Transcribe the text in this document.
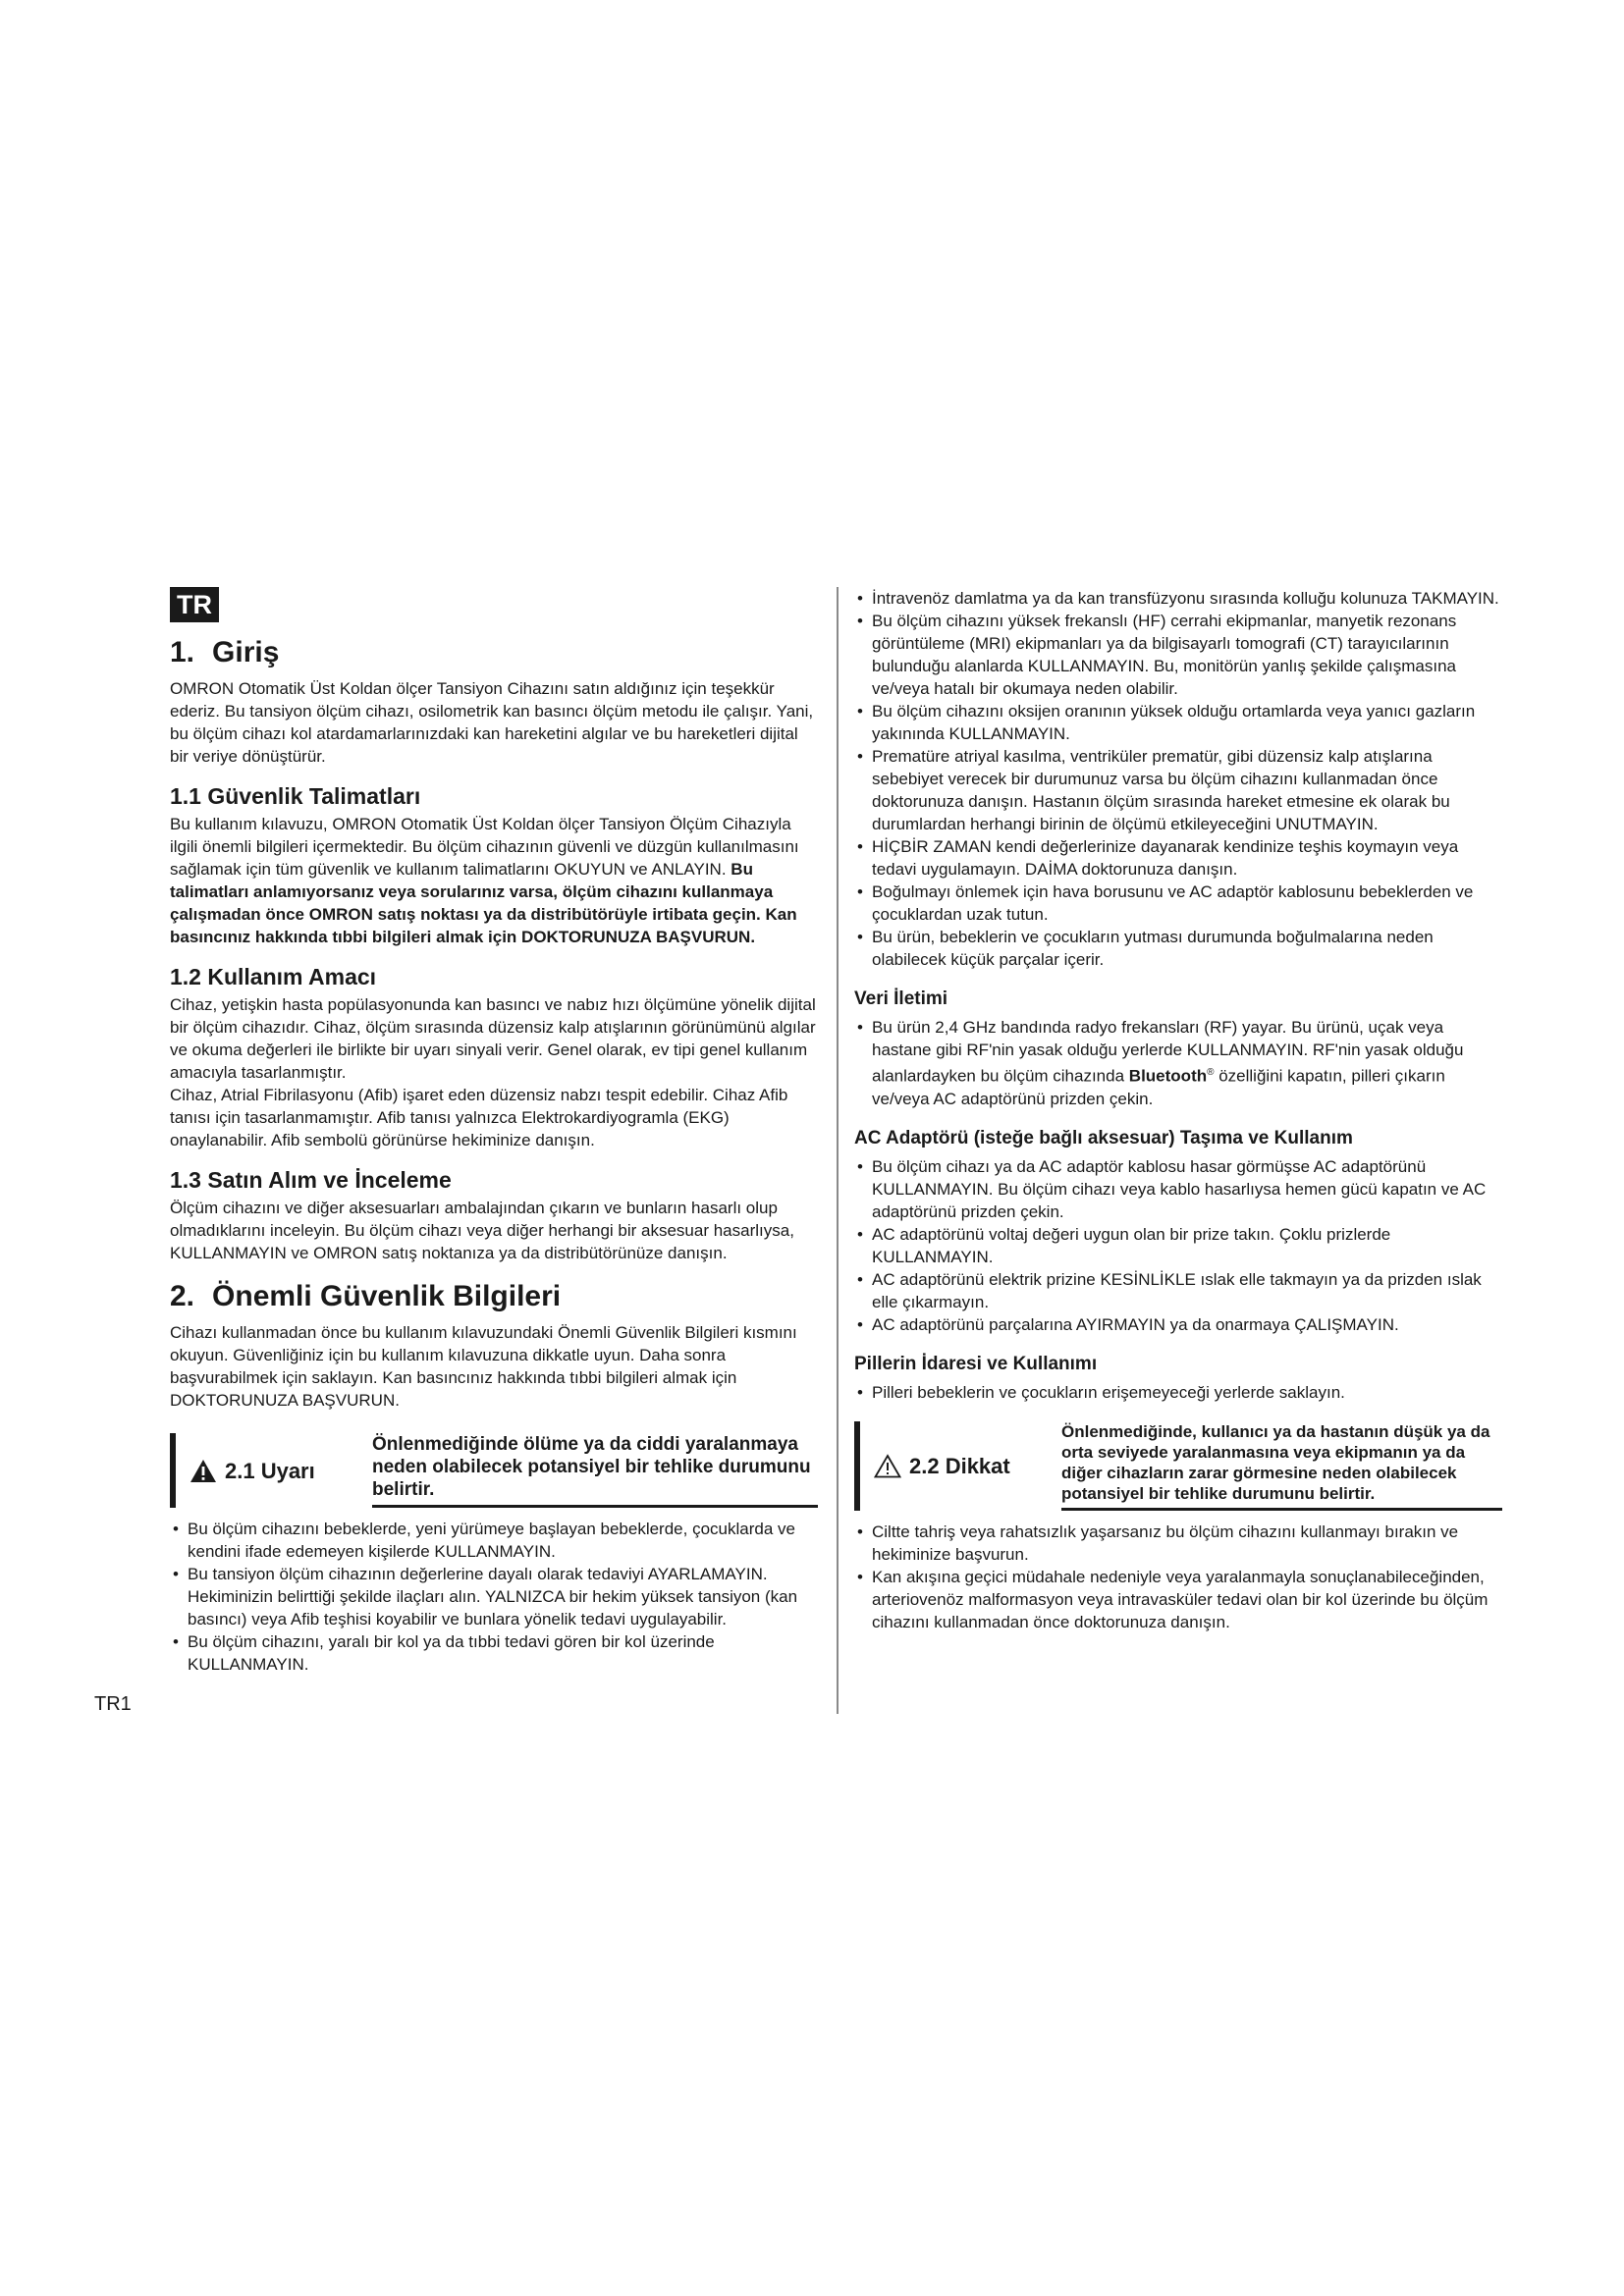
TR
1. Giriş

OMRON Otomatik Üst Koldan ölçer Tansiyon Cihazını satın aldığınız için teşekkür ederiz. Bu tansiyon ölçüm cihazı, osilometrik kan basıncı ölçüm metodu ile çalışır. Yani, bu ölçüm cihazı kol atardamarlarınızdaki kan hareketini algılar ve bu hareketleri dijital bir veriye dönüştürür.

1.1 Güvenlik Talimatları

Bu kullanım kılavuzu, OMRON Otomatik Üst Koldan ölçer Tansiyon Ölçüm Cihazıyla ilgili önemli bilgileri içermektedir. Bu ölçüm cihazının güvenli ve düzgün kullanılmasını sağlamak için tüm güvenlik ve kullanım talimatlarını OKUYUN ve ANLAYIN. Bu talimatları anlamıyorsanız veya sorularınız varsa, ölçüm cihazını kullanmaya çalışmadan önce OMRON satış noktası ya da distribütörüyle irtibata geçin. Kan basıncınız hakkında tıbbi bilgileri almak için DOKTORUNUZA BAŞVURUN.

1.2 Kullanım Amacı

Cihaz, yetişkin hasta popülasyonunda kan basıncı ve nabız hızı ölçümüne yönelik dijital bir ölçüm cihazıdır. Cihaz, ölçüm sırasında düzensiz kalp atışlarının görünümünü algılar ve okuma değerleri ile birlikte bir uyarı sinyali verir. Genel olarak, ev tipi genel kullanım amacıyla tasarlanmıştır.

Cihaz, Atrial Fibrilasyonu (Afib) işaret eden düzensiz nabzı tespit edebilir. Cihaz Afib tanısı için tasarlanmamıştır. Afib tanısı yalnızca Elektrokardiyogramla (EKG) onaylanabilir. Afib sembolü görünürse hekiminize danışın.

1.3 Satın Alım ve İnceleme

Ölçüm cihazını ve diğer aksesuarları ambalajından çıkarın ve bunların hasarlı olup olmadıklarını inceleyin. Bu ölçüm cihazı veya diğer herhangi bir aksesuar hasarlıysa, KULLANMAYIN ve OMRON satış noktanıza ya da distribütörünüze danışın.

2. Önemli Güvenlik Bilgileri

Cihazı kullanmadan önce bu kullanım kılavuzundaki Önemli Güvenlik Bilgileri kısmını okuyun. Güvenliğiniz için bu kullanım kılavuzuna dikkatle uyun. Daha sonra başvurabilmek için saklayın. Kan basıncınız hakkında tıbbi bilgileri almak için DOKTORUNUZA BAŞVURUN.

2.1 Uyarı
Önlenmediğinde ölüme ya da ciddi yaralanmaya neden olabilecek potansiyel bir tehlike durumunu belirtir.
• Bu ölçüm cihazını bebeklerde, yeni yürümeye başlayan bebeklerde, çocuklarda ve kendini ifade edemeyen kişilerde KULLANMAYIN.
• Bu tansiyon ölçüm cihazının değerlerine dayalı olarak tedaviyi AYARLAMAYIN. Hekiminizin belirttiği şekilde ilaçları alın. YALNIZCA bir hekim yüksek tansiyon (kan basıncı) veya Afib teşhisi koyabilir ve bunlara yönelik tedavi uygulayabilir.
• Bu ölçüm cihazını, yaralı bir kol ya da tıbbi tedavi gören bir kol üzerinde KULLANMAYIN.
• İntravenöz damlatma ya da kan transfüzyonu sırasında kolluğu kolunuza TAKMAYIN.
• Bu ölçüm cihazını yüksek frekanslı (HF) cerrahi ekipmanlar, manyetik rezonans görüntüleme (MRI) ekipmanları ya da bilgisayarlı tomografi (CT) tarayıcılarının bulunduğu alanlarda KULLANMAYIN. Bu, monitörün yanlış şekilde çalışmasına ve/veya hatalı bir okumaya neden olabilir.
• Bu ölçüm cihazını oksijen oranının yüksek olduğu ortamlarda veya yanıcı gazların yakınında KULLANMAYIN.
• Prematüre atriyal kasılma, ventriküler prematür, gibi düzensiz kalp atışlarına sebebiyet verecek bir durumunuz varsa bu ölçüm cihazını kullanmadan önce doktorunuza danışın. Hastanın ölçüm sırasında hareket etmesine ek olarak bu durumlardan herhangi birinin de ölçümü etkileyeceğini UNUTMAYIN.
• HİÇBİR ZAMAN kendi değerlerinize dayanarak kendinize teşhis koymayın veya tedavi uygulamayın. DAİMA doktorunuza danışın.
• Boğulmayı önlemek için hava borusunu ve AC adaptör kablosunu bebeklerden ve çocuklardan uzak tutun.
• Bu ürün, bebeklerin ve çocukların yutması durumunda boğulmalarına neden olabilecek küçük parçalar içerir.
Veri İletimi
• Bu ürün 2,4 GHz bandında radyo frekansları (RF) yayar. Bu ürünü, uçak veya hastane gibi RF'nin yasak olduğu yerlerde KULLANMAYIN. RF'nin yasak olduğu alanlardayken bu ölçüm cihazında Bluetooth® özelliğini kapatın, pilleri çıkarın ve/veya AC adaptörünü prizden çekin.
AC Adaptörü (isteğe bağlı aksesuar) Taşıma ve Kullanım
• Bu ölçüm cihazı ya da AC adaptör kablosu hasar görmüşse AC adaptörünü KULLANMAYIN. Bu ölçüm cihazı veya kablo hasarlıysa hemen gücü kapatın ve AC adaptörünü prizden çekin.
• AC adaptörünü voltaj değeri uygun olan bir prize takın. Çoklu prizlerde KULLANMAYIN.
• AC adaptörünü elektrik prizine KESİNLİKLE ıslak elle takmayın ya da prizden ıslak elle çıkarmayın.
• AC adaptörünü parçalarına AYIRMAYIN ya da onarmaya ÇALIŞMAYIN.
Pillerin İdaresi ve Kullanımı
• Pilleri bebeklerin ve çocukların erişemeyeceği yerlerde saklayın.
2.2 Dikkat
Önlenmediğinde, kullanıcı ya da hastanın düşük ya da orta seviyede yaralanmasına veya ekipmanın ya da diğer cihazların zarar görmesine neden olabilecek potansiyel bir tehlike durumunu belirtir.
• Ciltte tahriş veya rahatsızlık yaşarsanız bu ölçüm cihazını kullanmayı bırakın ve hekiminize başvurun.
• Kan akışına geçici müdahale nedeniyle veya yaralanmayla sonuçlanabileceğinden, arteriovenöz malformasyon veya intravasküler tedavi olan bir kol üzerinde bu ölçüm cihazını kullanmadan önce doktorunuza danışın.
TR1
